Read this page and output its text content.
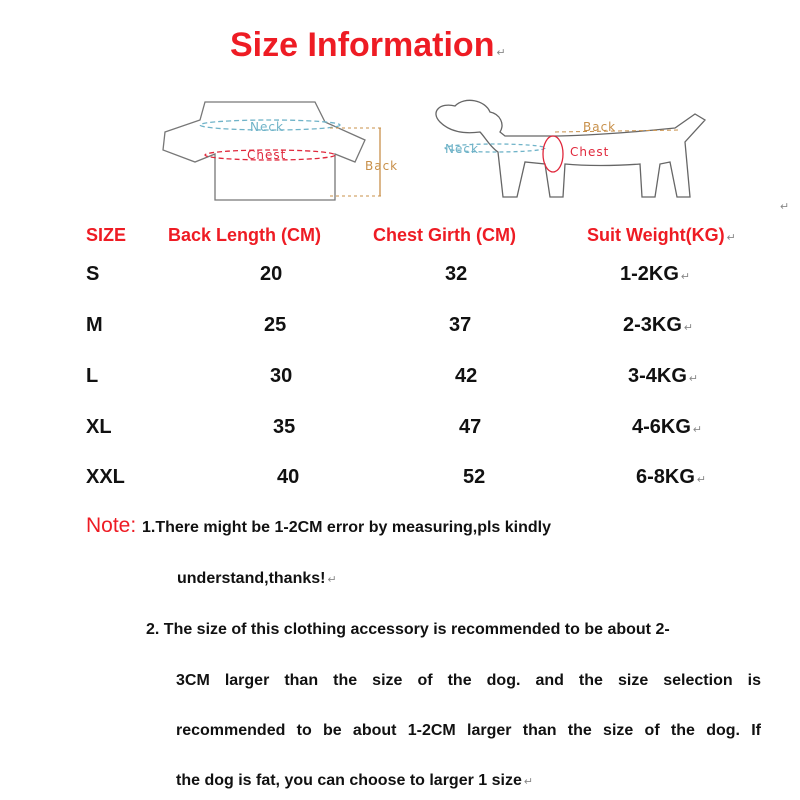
Size Information ↵
Neck
Chest
Back
Back
Neck	Chest
↵
SIZE Back Length (CM)	Chest Girth (CM)	Suit Weight(KG) ↵
S	20	32	1-2KG ↵
M	25	37	2-3KG ↵
L	30	42	3-4KG ↵
XL	35	47	4-6KG ↵
XXL	40	52	6-8KG ↵
Note: 1.There might be 1-2CM error by measuring,pls kindly
understand,thanks! ↵
2. The size of this clothing accessory is recommended to be about 2-
3CM larger than the size of the dog. and the size selection is
recommended to be about 1-2CM larger than the size of the dog. If
the dog is fat, you can choose to larger 1 size ↵
